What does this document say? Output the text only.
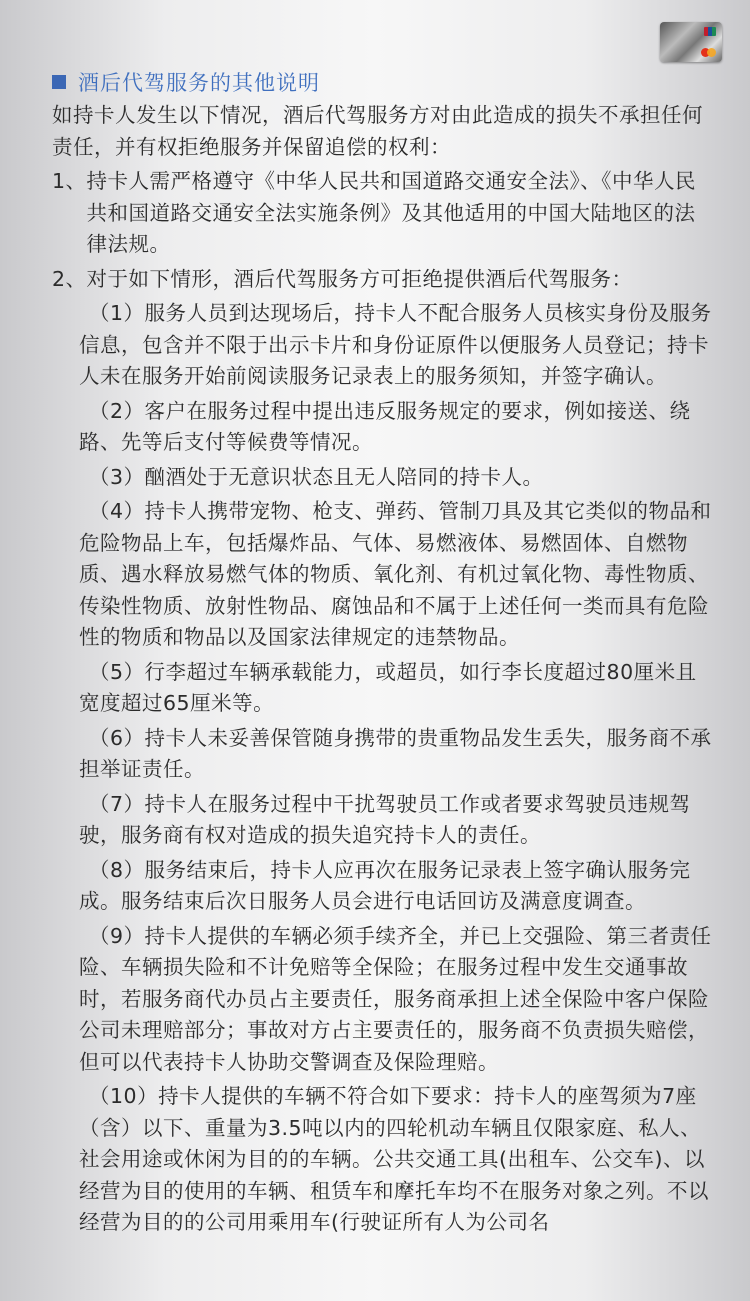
酒后代驾服务的其他说明

如持卡人发生以下情况，酒后代驾服务方对由此造成的损失不承担任何责任，并有权拒绝服务并保留追偿的权利：

1、 持卡人需严格遵守《中华人民共和国道路交通安全法》、《中华人民共和国道路交通安全法实施条例》及其他适用的中国大陆地区的法律法规。
2、 对于如下情形，酒后代驾服务方可拒绝提供酒后代驾服务：

（1）服务人员到达现场后，持卡人不配合服务人员核实身份及服务信息，包含并不限于出示卡片和身份证原件以便服务人员登记；持卡人未在服务开始前阅读服务记录表上的服务须知，并签字确认。

（2）客户在服务过程中提出违反服务规定的要求，例如接送、绕路、先等后支付等候费等情况。

（3）酗酒处于无意识状态且无人陪同的持卡人。

（4）持卡人携带宠物、枪支、弹药、管制刀具及其它类似的物品和危险物品上车，包括爆炸品、气体、易燃液体、易燃固体、自燃物质、遇水释放易燃气体的物质、氧化剂、有机过氧化物、毒性物质、传染性物质、放射性物品、腐蚀品和不属于上述任何一类而具有危险性的物质和物品以及国家法律规定的违禁物品。

（5）行李超过车辆承载能力，或超员，如行李长度超过80厘米且宽度超过65厘米等。

（6）持卡人未妥善保管随身携带的贵重物品发生丢失，服务商不承担举证责任。

（7）持卡人在服务过程中干扰驾驶员工作或者要求驾驶员违规驾驶，服务商有权对造成的损失追究持卡人的责任。

（8）服务结束后，持卡人应再次在服务记录表上签字确认服务完成。服务结束后次日服务人员会进行电话回访及满意度调查。

（9）持卡人提供的车辆必须手续齐全，并已上交强险、第三者责任险、车辆损失险和不计免赔等全保险；在服务过程中发生交通事故时，若服务商代办员占主要责任，服务商承担上述全保险中客户保险公司未理赔部分；事故对方占主要责任的，服务商不负责损失赔偿，但可以代表持卡人协助交警调查及保险理赔。

（10）持卡人提供的车辆不符合如下要求：持卡人的座驾须为7座（含）以下、重量为3.5吨以内的四轮机动车辆且仅限家庭、私人、社会用途或休闲为目的的车辆。公共交通工具(出租车、公交车)、以经营为目的使用的车辆、租赁车和摩托车均不在服务对象之列。不以经营为目的的公司用乘用车(行驶证所有人为公司名
